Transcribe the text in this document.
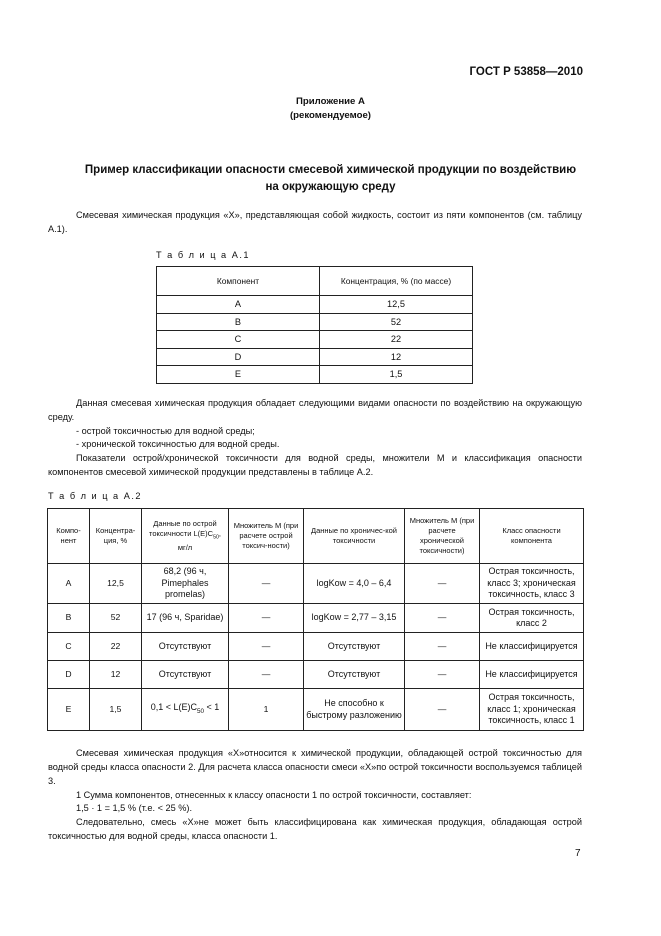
ГОСТ Р 53858—2010
Приложение А
(рекомендуемое)
Пример классификации опасности смесевой химической продукции по воздействию
на окружающую среду
Смесевая химическая продукция «Х», представляющая собой жидкость, состоит из пяти компонентов (см. таблицу А.1).
Т а б л и ц а А.1
Компонент	Концентрация, % (по массе)
А	12,5
В	52
С	22
D	12
Е	1,5
Данная смесевая химическая продукция обладает следующими видами опасности по воздействию на окружающую среду.
- острой токсичностью для водной среды;
- хронической токсичностью для водной среды.
Показатели острой/хронической токсичности для водной среды, множители М и классификация опасности компонентов смесевой химической продукции представлены в таблице А.2.
Т а б л и ц а А.2
Компо-нент	Концентра-ция, %	Данные по острой токсичности $L(E)C_{50}$, мг/л	Множитель М (при расчете острой токсич-ности)	Данные по хроничес-кой токсичности	Множитель М (при расчете хронической токсичности)	Класс опасности компонента
А	12,5	68,2 (96 ч, Pimephales promelas)	—	logKow = 4,0 – 6,4	—	Острая токсичность, класс 3; хроническая токсичность, класс 3
В	52	17 (96 ч, Sparidae)	—	logKow = 2,77 – 3,15	—	Острая токсичность, класс 2
С	22	Отсутствуют	—	Отсутствуют	—	Не классифицируется
D	12	Отсутствуют	—	Отсутствуют	—	Не классифицируется
Е	1,5	$0,1 < L(E)C_{50} < 1$	1	Не способно к быстрому разложению	—	Острая токсичность, класс 1; хроническая токсичность, класс 1
Смесевая химическая продукция «Х»относится к химической продукции, обладающей острой токсичностью для водной среды класса опасности 2. Для расчета класса опасности смеси «Х»по острой токсичности воспользуемся таблицей 3.
1 Сумма компонентов, отнесенных к классу опасности 1 по острой токсичности, составляет:
1,5 · 1 = 1,5 % (т.е. < 25 %).
Следовательно, смесь «Х»не может быть классифицирована как химическая продукция, обладающая острой токсичностью для водной среды, класса опасности 1.
7
